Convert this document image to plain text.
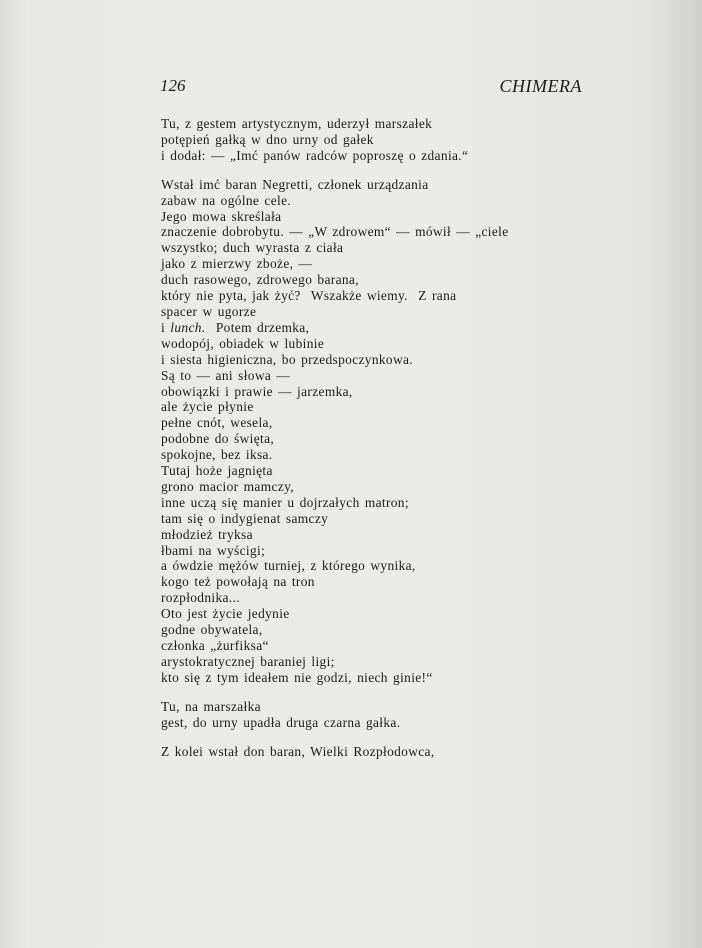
126	CHIMERA
Tu, z gestem artystycznym, uderzył marszałek
potępień gałką w dno urny od gałek
i dodał: — „Imć panów radców poproszę o zdania.“
Wstał imć baran Negretti, członek urządzania
zabaw na ogólne cele.
Jego mowa skreślała
znaczenie dobrobytu. — „W zdrowem“ — mówił — „ciele
wszystko; duch wyrasta z ciała
jako z mierzwy zboże, —
duch rasowego, zdrowego barana,
który nie pyta, jak żyć?  Wszakże wiemy.  Z rana
spacer w ugorze
i lunch.  Potem drzemka,
wodopój, obiadek w lubinie
i siesta higieniczna, bo przedspoczynkowa.
Są to — ani słowa —
obowiązki i prawie — jarzemka,
ale życie płynie
pełne cnót, wesela,
podobne do święta,
spokojne, bez iksa.
Tutaj hoże jagnięta
grono macior mamczy,
inne uczą się manier u dojrzałych matron;
tam się o indygienat samczy
młodzież tryksa
łbami na wyścigi;
a ówdzie mężów turniej, z którego wynika,
kogo też powołają na tron
rozpłodnika...
Oto jest życie jedynie
godne obywatela,
członka „żurfiksa“
arystokratycznej baraniej ligi;
kto się z tym ideałem nie godzi, niech ginie!“
Tu, na marszałka
gest, do urny upadła druga czarna gałka.
Z kolei wstał don baran, Wielki Rozpłodowca,
